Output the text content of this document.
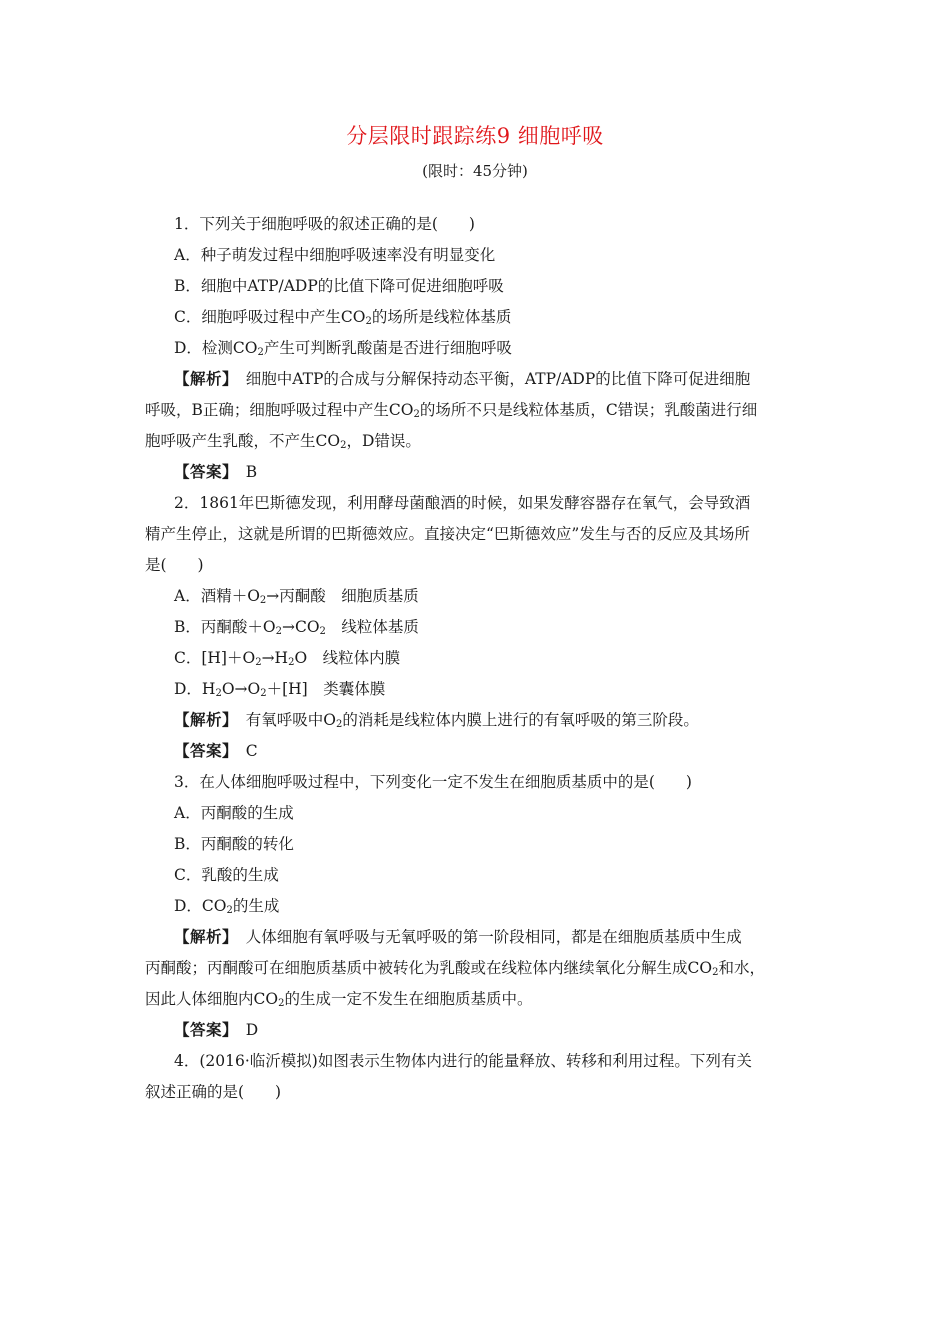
分层限时跟踪练9 细胞呼吸
(限时：45分钟)
1．下列关于细胞呼吸的叙述正确的是(　　)
A．种子萌发过程中细胞呼吸速率没有明显变化
B．细胞中ATP/ADP的比值下降可促进细胞呼吸
C．细胞呼吸过程中产生$CO_2$的场所是线粒体基质
D．检测$CO_2$产生可判断乳酸菌是否进行细胞呼吸
【解析】　 细胞中ATP的合成与分解保持动态平衡，ATP/ADP的比值下降可促进细胞
呼吸，B正确；细胞呼吸过程中产生$CO_2$的场所不只是线粒体基质，C错误；乳酸菌进行细
胞呼吸产生乳酸，不产生$CO_2$，D错误。
【答案】　 B
2．1861年巴斯德发现，利用酵母菌酿酒的时候，如果发酵容器存在氧气，会导致酒
精产生停止，这就是所谓的巴斯德效应。直接决定“巴斯德效应”发生与否的反应及其场所
是(　　)
A．酒精$+O_2\to$丙酮酸　细胞质基质
B．丙酮酸$+O_2\to CO_2$　线粒体基质
C．$[H]+O_2\to H_2O$　线粒体内膜
D．$H_2O\to O_2+[H]$　类囊体膜
【解析】　 有氧呼吸中$O_2$的消耗是线粒体内膜上进行的有氧呼吸的第三阶段。
【答案】　 C
3．在人体细胞呼吸过程中，下列变化一定不发生在细胞质基质中的是(　　)
A．丙酮酸的生成
B．丙酮酸的转化
C．乳酸的生成
D．$CO_2$的生成
【解析】　 人体细胞有氧呼吸与无氧呼吸的第一阶段相同，都是在细胞质基质中生成
丙酮酸；丙酮酸可在细胞质基质中被转化为乳酸或在线粒体内继续氧化分解生成$CO_2$和水，
因此人体细胞内$CO_2$的生成一定不发生在细胞质基质中。
【答案】　 D
4．(2016·临沂模拟)如图表示生物体内进行的能量释放、转移和利用过程。下列有关
叙述正确的是(　　)
